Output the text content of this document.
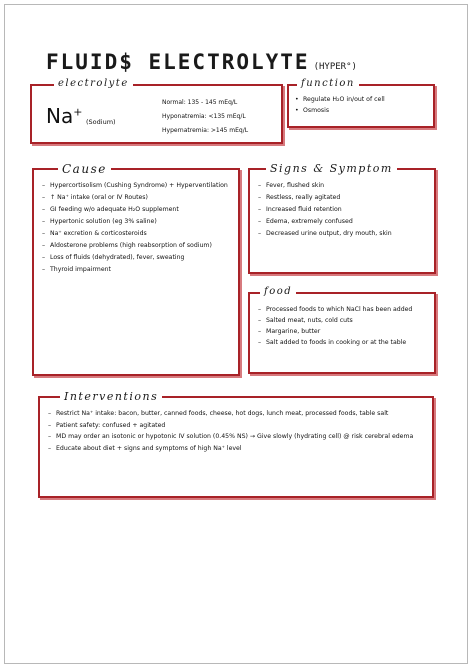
FLUID$ ELECTROLYTE (HYPER°)
electrolyte
Na+
(Sodium)
Normal: 135 - 145 mEq/L
Hyponatremia: <135 mEq/L
Hypernatremia: >145 mEq/L
function
• Regulate H₂O in/out of cell
• Osmosis
Cause
– Hypercortisolism (Cushing Syndrome) + Hyperventilation
– ↑ Na⁺ intake (oral or IV Routes)
– GI feeding w/o adequate H₂O supplement
– Hypertonic solution (eg 3% saline)
– Na⁺ excretion & corticosteroids
– Aldosterone problems (high reabsorption of sodium)
– Loss of fluids (dehydrated), fever, sweating
– Thyroid impairment
Signs & Symptom
– Fever, flushed skin
– Restless, really agitated
– Increased fluid retention
– Edema, extremely confused
– Decreased urine output, dry mouth, skin
food
– Processed foods to which NaCl has been added
– Salted meat, nuts, cold cuts
– Margarine, butter
– Salt added to foods in cooking or at the table
Interventions
– Restrict Na⁺ intake: bacon, butter, canned foods, cheese, hot dogs, lunch meat, processed foods, table salt
– Patient safety: confused + agitated
– MD may order an isotonic or hypotonic IV solution (0.45% NS) → Give slowly (hydrating cell) @ risk cerebral edema
– Educate about diet + signs and symptoms of high Na⁺ level
